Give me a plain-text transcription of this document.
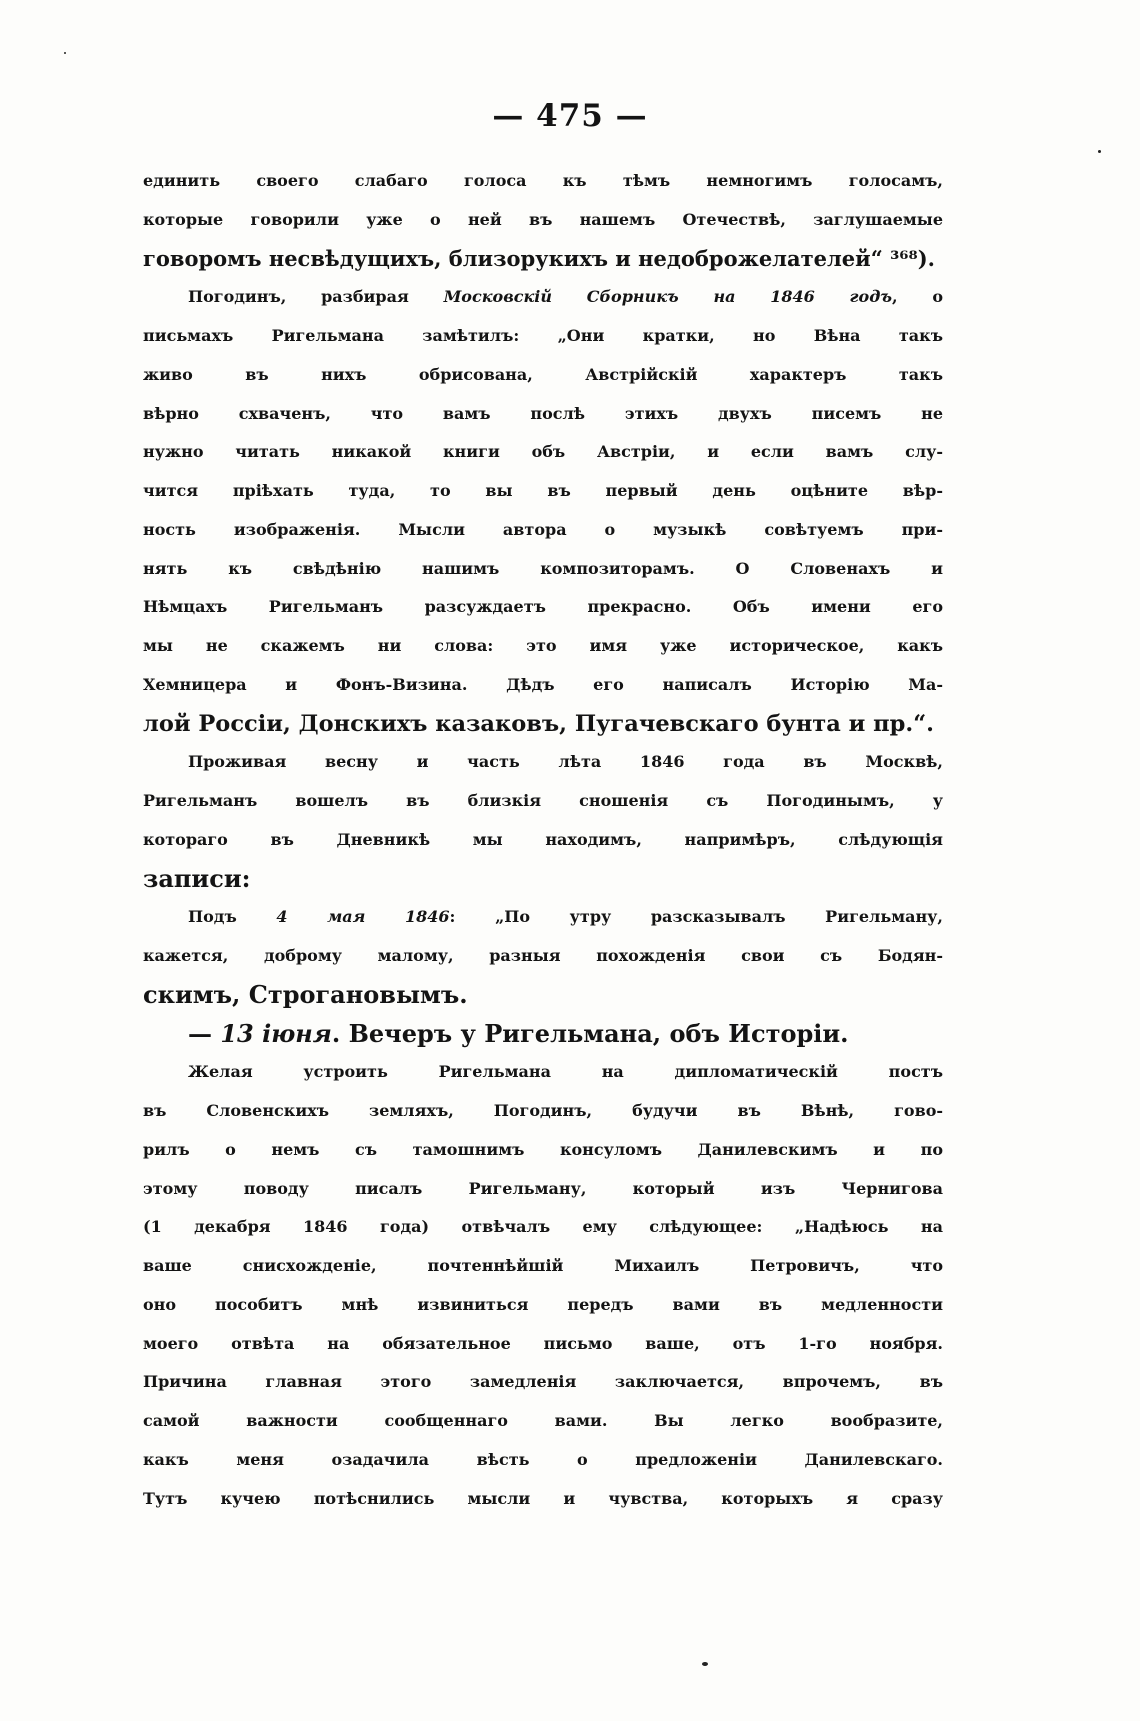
— 475 —
единить своего слабаго голоса къ тѣмъ немногимъ голосамъ,
которые говорили уже о ней въ нашемъ Отечествѣ, заглушаемые
говоромъ несвѣдущихъ, близорукихъ и недоброжелателей“ ³⁶⁸).
Погодинъ, разбирая Московскій Сборникъ на 1846 годъ, о
письмахъ Ригельмана замѣтилъ: „Они кратки, но Вѣна такъ
живо въ нихъ обрисована, Австрійскій характеръ такъ
вѣрно схваченъ, что вамъ послѣ этихъ двухъ писемъ не
нужно читать никакой книги объ Австріи, и если вамъ слу-
чится пріѣхать туда, то вы въ первый день оцѣните вѣр-
ность изображенія. Мысли автора о музыкѣ совѣтуемъ при-
нять къ свѣдѣнію нашимъ композиторамъ. О Словенахъ и
Нѣмцахъ Ригельманъ разсуждаетъ прекрасно. Объ имени его
мы не скажемъ ни слова: это имя уже историческое, какъ
Хемницера и Фонъ-Визина. Дѣдъ его написалъ Исторію Ма-
лой Россіи, Донскихъ казаковъ, Пугачевскаго бунта и пр.“.
Проживая весну и часть лѣта 1846 года въ Москвѣ,
Ригельманъ вошелъ въ близкія сношенія съ Погодинымъ, у
котораго въ Дневникѣ мы находимъ, напримѣръ, слѣдующія
записи:
Подъ 4 мая 1846: „По утру разсказывалъ Ригельману,
кажется, доброму малому, разныя похожденія свои съ Бодян-
скимъ, Строгановымъ.
— 13 іюня. Вечеръ у Ригельмана, объ Исторіи.
Желая устроить Ригельмана на дипломатическій постъ
въ Словенскихъ земляхъ, Погодинъ, будучи въ Вѣнѣ, гово-
рилъ о немъ съ тамошнимъ консуломъ Данилевскимъ и по
этому поводу писалъ Ригельману, который изъ Чернигова
(1 декабря 1846 года) отвѣчалъ ему слѣдующее: „Надѣюсь на
ваше снисхожденіе, почтеннѣйшій Михаилъ Петровичъ, что
оно пособитъ мнѣ извиниться передъ вами въ медленности
моего отвѣта на обязательное письмо ваше, отъ 1-го ноября.
Причина главная этого замедленія заключается, впрочемъ, въ
самой важности сообщеннаго вами. Вы легко вообразите,
какъ меня озадачила вѣсть о предложеніи Данилевскаго.
Тутъ кучею потѣснились мысли и чувства, которыхъ я сразу
